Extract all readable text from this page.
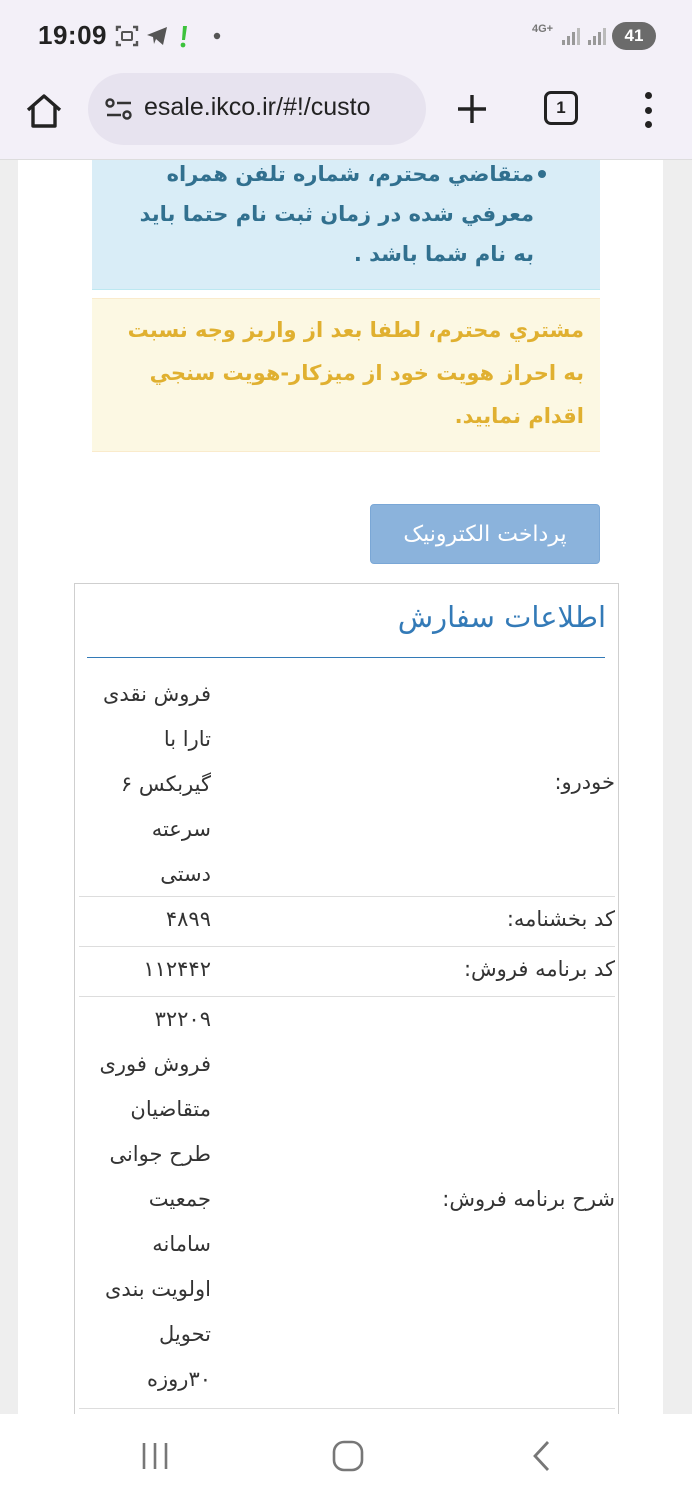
19:09	4G+	41
esale.ikco.ir/#!/custo	1
متقاضي محترم، شماره تلفن همراه معرفي شده در زمان ثبت نام حتما بايد به نام شما باشد .
مشتري محترم، لطفا بعد از واريز وجه نسبت به احراز هويت خود از ميزكار-هويت سنجي اقدام نماييد.
پرداخت الکترونیک
اطلاعات سفارش
خودرو:
فروش نقدی
تارا با
گیربکس ۶
سرعته
دستی
کد بخشنامه:
۴۸۹۹
کد برنامه فروش:
۱۱۲۴۴۲
شرح برنامه فروش:
۳۲۲۰۹
فروش فوری
متقاضیان
طرح جوانی
جمعیت
سامانه
اولویت بندی
تحویل
۳۰روزه
